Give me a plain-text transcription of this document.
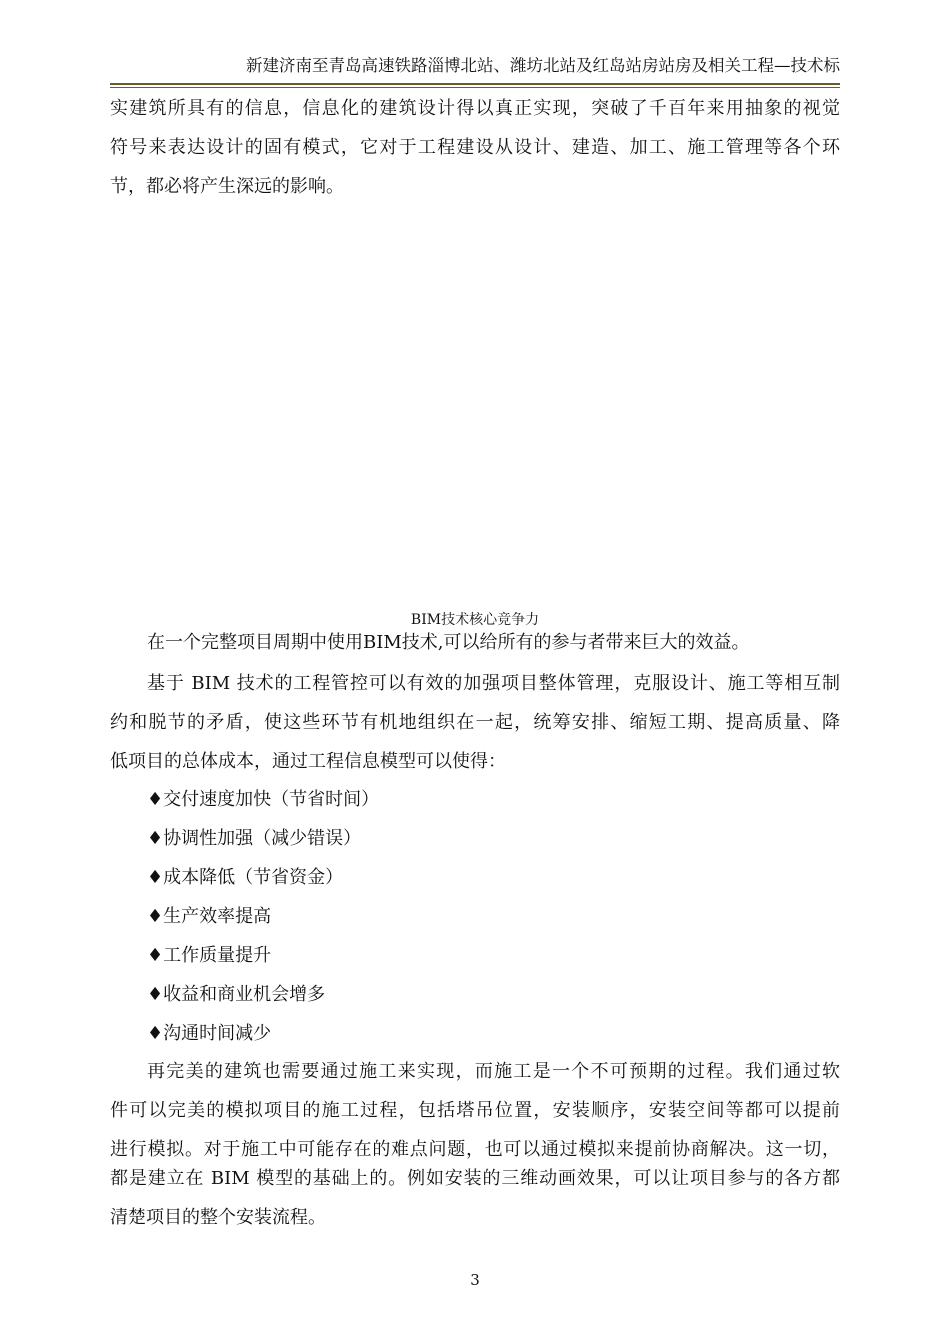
新建济南至青岛高速铁路淄博北站、潍坊北站及红岛站房站房及相关工程—技术标
实建筑所具有的信息，信息化的建筑设计得以真正实现，突破了千百年来用抽象的视觉
符号来表达设计的固有模式，它对于工程建设从设计、建造、加工、施工管理等各个环
节，都必将产生深远的影响。
BIM技术核心竞争力
在一个完整项目周期中使用BIM技术,可以给所有的参与者带来巨大的效益。
基于 BIM 技术的工程管控可以有效的加强项目整体管理，克服设计、施工等相互制
约和脱节的矛盾，使这些环节有机地组织在一起，统筹安排、缩短工期、提高质量、降
低项目的总体成本，通过工程信息模型可以使得：
♦交付速度加快（节省时间）
♦协调性加强（减少错误）
♦成本降低（节省资金）
♦生产效率提高
♦工作质量提升
♦收益和商业机会增多
♦沟通时间减少
再完美的建筑也需要通过施工来实现，而施工是一个不可预期的过程。我们通过软
件可以完美的模拟项目的施工过程，包括塔吊位置，安装顺序，安装空间等都可以提前
进行模拟。对于施工中可能存在的难点问题，也可以通过模拟来提前协商解决。这一切，
都是建立在 BIM 模型的基础上的。例如安装的三维动画效果，可以让项目参与的各方都
清楚项目的整个安装流程。
3
